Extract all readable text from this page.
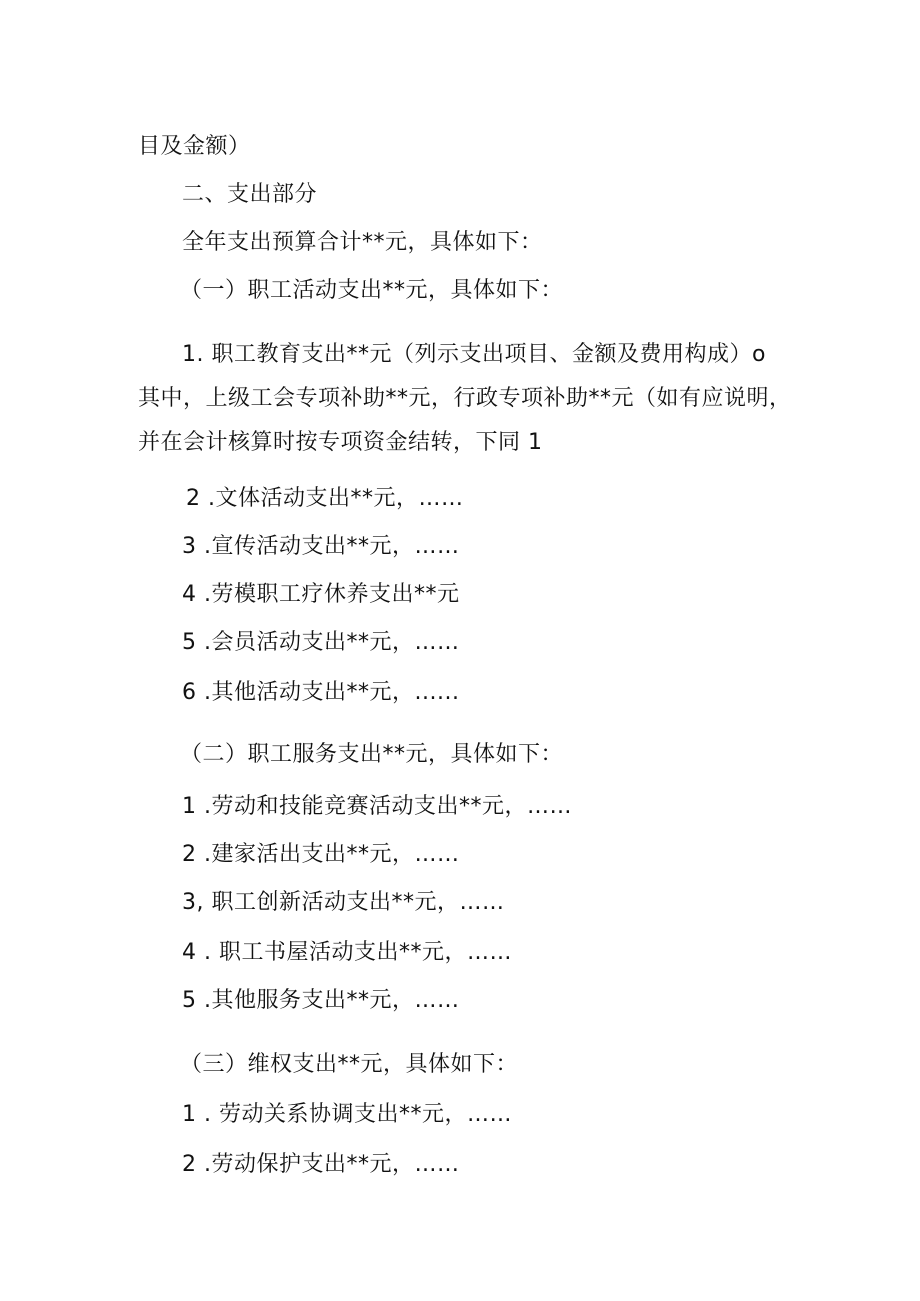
目及金额）

二、支出部分

全年支出预算合计**元，具体如下：

（一）职工活动支出**元，具体如下：

1. 职工教育支出**元（列示支出项目、金额及费用构成）o

其中，上级工会专项补助**元，行政专项补助**元（如有应说明，

并在会计核算时按专项资金结转，下同 1

2 .文体活动支出**元，……

3 .宣传活动支出**元，……

4 .劳模职工疗休养支出**元

5 .会员活动支出**元，……

6 .其他活动支出**元，......

（二）职工服务支出**元，具体如下：

1 .劳动和技能竞赛活动支出**元，……

2 .建家活出支出**元，……

3, 职工创新活动支出**元，……

4 . 职工书屋活动支出**元，……

5 .其他服务支出**元，……

（三）维权支出**元，具体如下：

1 . 劳动关系协调支出**元，……

2 .劳动保护支出**元，……
